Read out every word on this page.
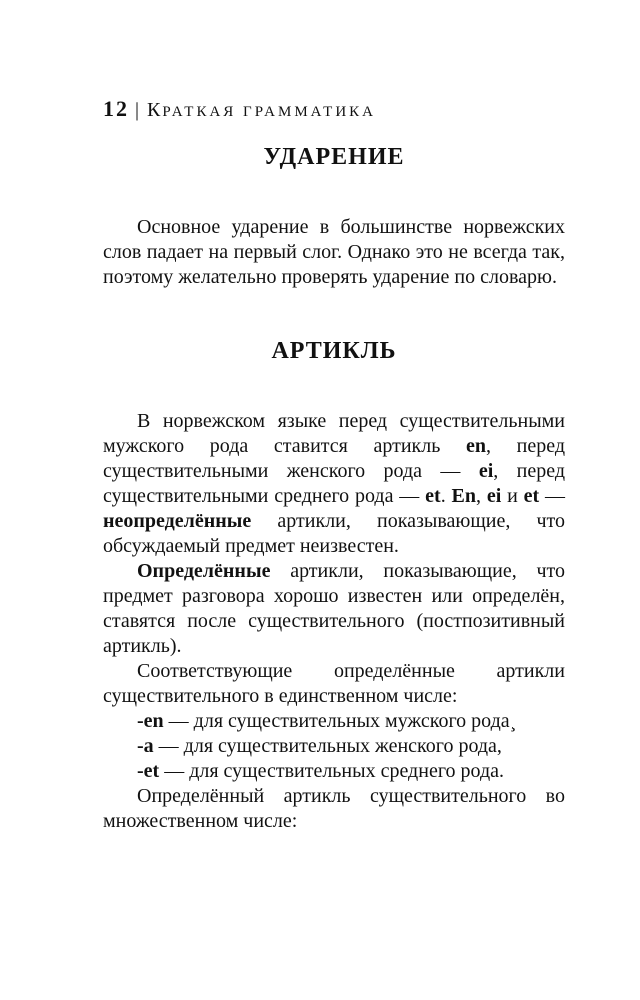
12 | КРАТКАЯ ГРАММАТИКА
УДАРЕНИЕ

Основное ударение в большинстве норвежских слов падает на первый слог. Однако это не всегда так, поэтому желательно проверять ударение по словарю.

АРТИКЛЬ

В норвежском языке перед существительными мужского рода ставится артикль en, перед существительными женского рода — ei, перед существительными среднего рода — et. En, ei и et — неопределённые артикли, показывающие, что обсуждаемый предмет неизвестен.

Определённые артикли, показывающие, что предмет разговора хорошо известен или определён, ставятся после существительного (постпозитивный артикль).

Соответствующие определённые артикли существительного в единственном числе:

-en — для существительных мужского рода¸

-a — для существительных женского рода,

-et — для существительных среднего рода.

Определённый артикль существительного во множественном числе:
